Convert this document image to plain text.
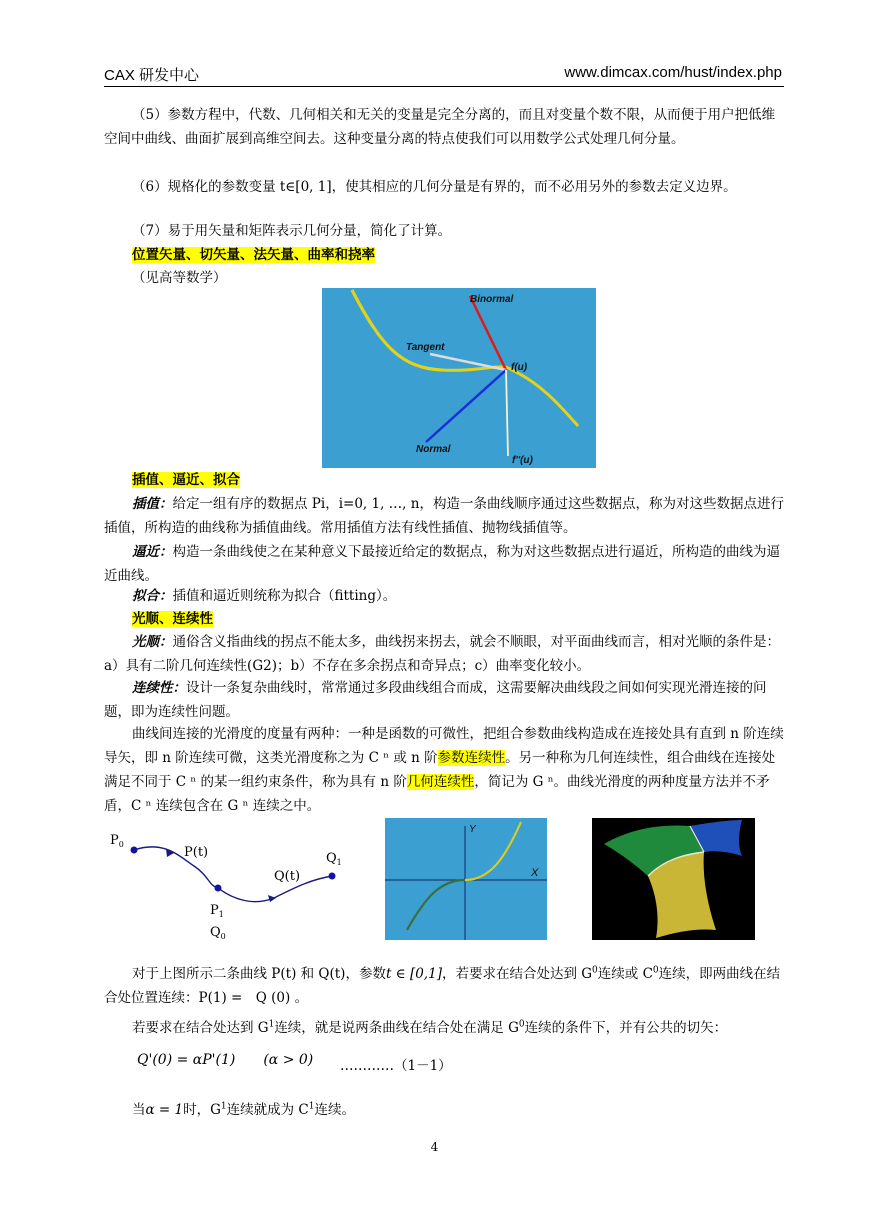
CAX 研发中心	www.dimcax.com/hust/index.php
（5）参数方程中，代数、几何相关和无关的变量是完全分离的，而且对变量个数不限，从而便于用户把低维空间中曲线、曲面扩展到高维空间去。这种变量分离的特点使我们可以用数学公式处理几何分量。
（6）规格化的参数变量 t∈[0, 1]，使其相应的几何分量是有界的，而不必用另外的参数去定义边界。
（7）易于用矢量和矩阵表示几何分量，简化了计算。
位置矢量、切矢量、法矢量、曲率和挠率
（见高等数学）
Binormal
Tangent
f(u)
Normal
f''(u)
插值、逼近、拟合
插值：给定一组有序的数据点 Pi，i=0, 1, …, n，构造一条曲线顺序通过这些数据点，称为对这些数据点进行插值，所构造的曲线称为插值曲线。常用插值方法有线性插值、抛物线插值等。
逼近：构造一条曲线使之在某种意义下最接近给定的数据点，称为对这些数据点进行逼近，所构造的曲线为逼近曲线。
拟合：插值和逼近则统称为拟合（fitting）。
光顺、连续性
光顺：通俗含义指曲线的拐点不能太多，曲线拐来拐去，就会不顺眼，对平面曲线而言，相对光顺的条件是：a）具有二阶几何连续性(G2)；b）不存在多余拐点和奇异点；c）曲率变化较小。
连续性：设计一条复杂曲线时，常常通过多段曲线组合而成，这需要解决曲线段之间如何实现光滑连接的问题，即为连续性问题。
曲线间连接的光滑度的度量有两种：一种是函数的可微性，把组合参数曲线构造成在连接处具有直到 n 阶连续导矢，即 n 阶连续可微，这类光滑度称之为 C ⁿ 或 n 阶参数连续性。另一种称为几何连续性，组合曲线在连接处满足不同于 C ⁿ 的某一组约束条件，称为具有 n 阶几何连续性，简记为 G ⁿ。曲线光滑度的两种度量方法并不矛盾，C ⁿ 连续包含在 G ⁿ 连续之中。
$P_0$
P(t)
Q(t)
$Q_1$
$P_1$
$Q_0$
Y
X
对于上图所示二条曲线 P(t) 和 Q(t)，参数t ∈ [0,1]，若要求在结合处达到 $G^0$连续或 $C^0$连续，即两曲线在结合处位置连续：P(1) =　Q (0) 。
若要求在结合处达到 $G^1$连续，就是说两条曲线在结合处在满足 $G^0$连续的条件下，并有公共的切矢：
Q'(0) = αP'(1)　　(α > 0)	…………（1－1）
当α = 1时，$G^1$连续就成为 $C^1$连续。
4
